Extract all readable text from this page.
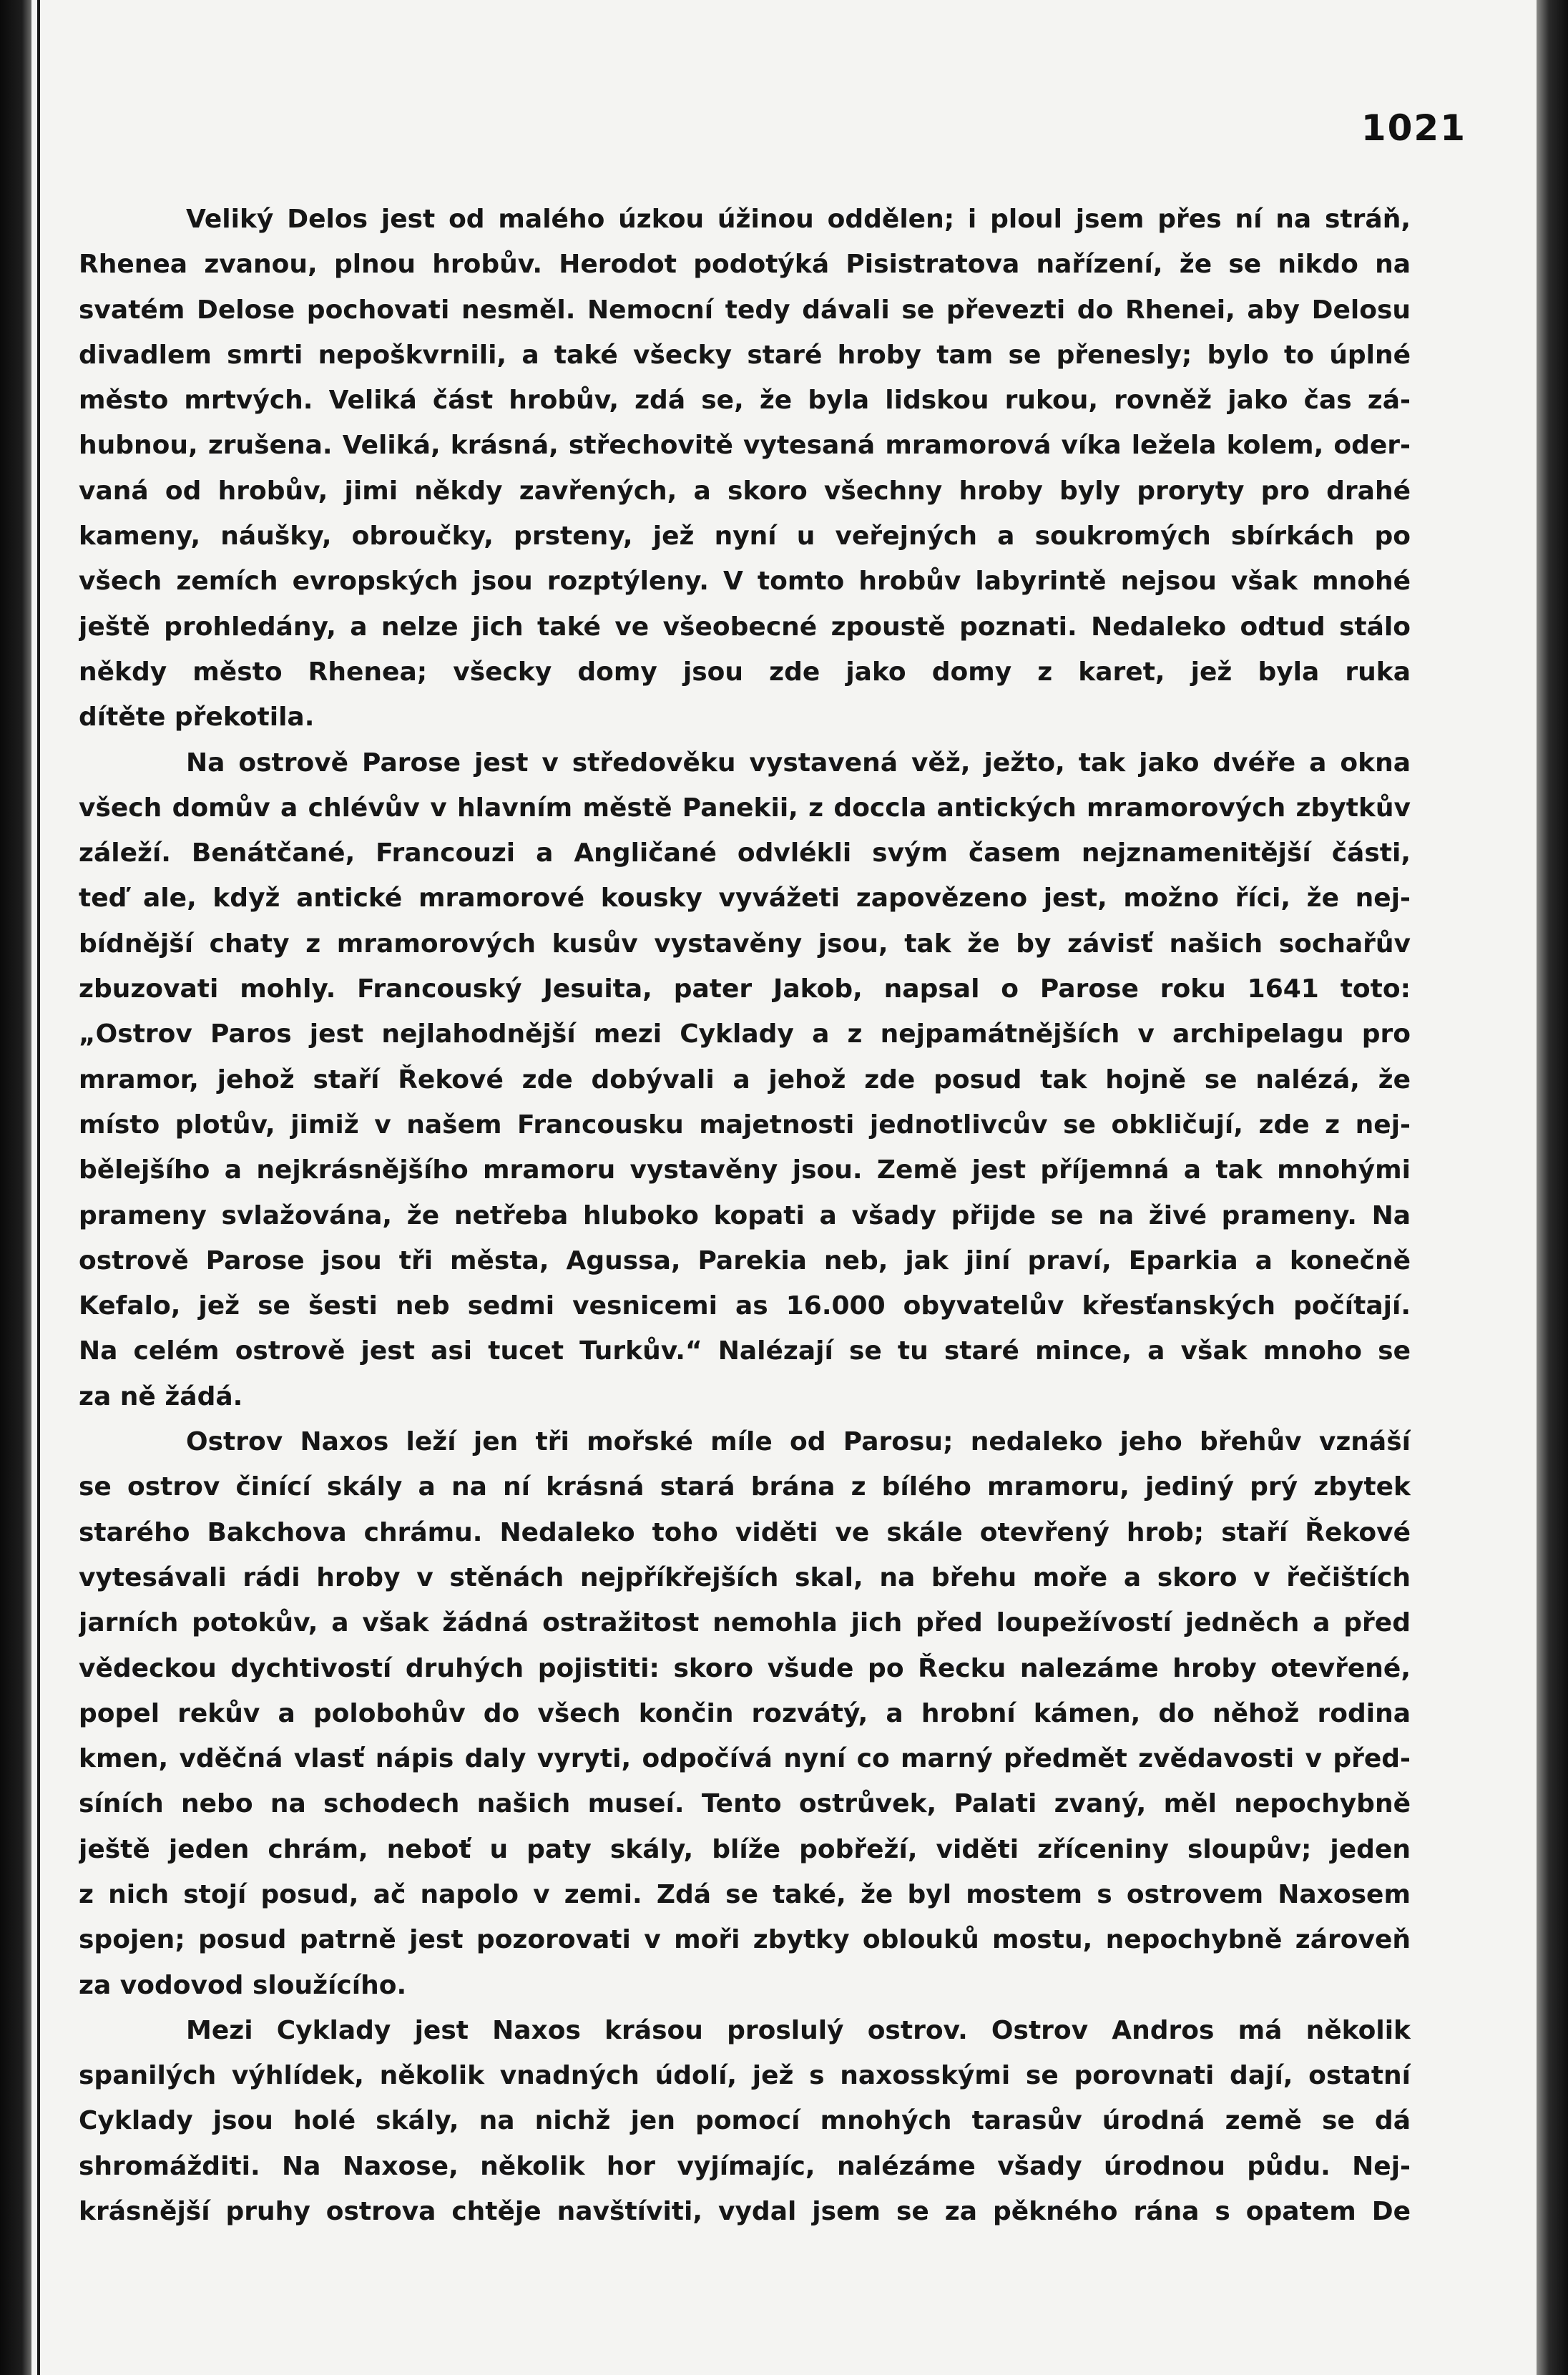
1021
Veliký Delos jest od malého úzkou úžinou oddělen; i ploul jsem přes ní na stráň,
Rhenea zvanou, plnou hrobův. Herodot podotýká Pisistratova nařízení, že se nikdo na
svatém Delose pochovati nesměl. Nemocní tedy dávali se převezti do Rhenei, aby Delosu
divadlem smrti nepoškvrnili, a také všecky staré hroby tam se přenesly; bylo to úplné
město mrtvých. Veliká část hrobův, zdá se, že byla lidskou rukou, rovněž jako čas zá-
hubnou, zrušena. Veliká, krásná, střechovitě vytesaná mramorová víka ležela kolem, oder-
vaná od hrobův, jimi někdy zavřených, a skoro všechny hroby byly proryty pro drahé
kameny, náušky, obroučky, prsteny, jež nyní u veřejných a soukromých sbírkách po
všech zemích evropských jsou rozptýleny. V tomto hrobův labyrintě nejsou však mnohé
ještě prohledány, a nelze jich také ve všeobecné zpoustě poznati. Nedaleko odtud stálo
někdy město Rhenea; všecky domy jsou zde jako domy z karet, jež byla ruka
dítěte překotila.
Na ostrově Parose jest v středověku vystavená věž, ježto, tak jako dvéře a okna
všech domův a chlévův v hlavním městě Panekii, z doccla antických mramorových zbytkův
záleží. Benátčané, Francouzi a Angličané odvlékli svým časem nejznamenitější části,
teď ale, když antické mramorové kousky vyvážeti zapovězeno jest, možno říci, že nej-
bídnější chaty z mramorových kusův vystavěny jsou, tak že by závisť našich sochařův
zbuzovati mohly. Francouský Jesuita, pater Jakob, napsal o Parose roku 1641 toto:
„Ostrov Paros jest nejlahodnější mezi Cyklady a z nejpamátnějších v archipelagu pro
mramor, jehož staří Řekové zde dobývali a jehož zde posud tak hojně se nalézá, že
místo plotův, jimiž v našem Francousku majetnosti jednotlivcův se obkličují, zde z nej-
bělejšího a nejkrásnějšího mramoru vystavěny jsou. Země jest příjemná a tak mnohými
prameny svlažována, že netřeba hluboko kopati a všady přijde se na živé prameny. Na
ostrově Parose jsou tři města, Agussa, Parekia neb, jak jiní praví, Eparkia a konečně
Kefalo, jež se šesti neb sedmi vesnicemi as 16.000 obyvatelův křesťanských počítají.
Na celém ostrově jest asi tucet Turkův.“ Nalézají se tu staré mince, a však mnoho se
za ně žádá.
Ostrov Naxos leží jen tři mořské míle od Parosu; nedaleko jeho břehův vznáší
se ostrov činící skály a na ní krásná stará brána z bílého mramoru, jediný prý zbytek
starého Bakchova chrámu. Nedaleko toho viděti ve skále otevřený hrob; staří Řekové
vytesávali rádi hroby v stěnách nejpříkřejších skal, na břehu moře a skoro v řečištích
jarních potokův, a však žádná ostražitost nemohla jich před loupežívostí jedněch a před
vědeckou dychtivostí druhých pojistiti: skoro všude po Řecku nalezáme hroby otevřené,
popel rekův a polobohův do všech končin rozvátý, a hrobní kámen, do něhož rodina
kmen, vděčná vlasť nápis daly vyryti, odpočívá nyní co marný předmět zvědavosti v před-
síních nebo na schodech našich museí. Tento ostrůvek, Palati zvaný, měl nepochybně
ještě jeden chrám, neboť u paty skály, blíže pobřeží, viděti zříceniny sloupův; jeden
z nich stojí posud, ač napolo v zemi. Zdá se také, že byl mostem s ostrovem Naxosem
spojen; posud patrně jest pozorovati v moři zbytky oblouků mostu, nepochybně zároveň
za vodovod sloužícího.
Mezi Cyklady jest Naxos krásou proslulý ostrov. Ostrov Andros má několik
spanilých výhlídek, několik vnadných údolí, jež s naxosskými se porovnati dají, ostatní
Cyklady jsou holé skály, na nichž jen pomocí mnohých tarasův úrodná země se dá
shromážditi. Na Naxose, několik hor vyjímajíc, nalézáme všady úrodnou půdu. Nej-
krásnější pruhy ostrova chtěje navštíviti, vydal jsem se za pěkného rána s opatem De
